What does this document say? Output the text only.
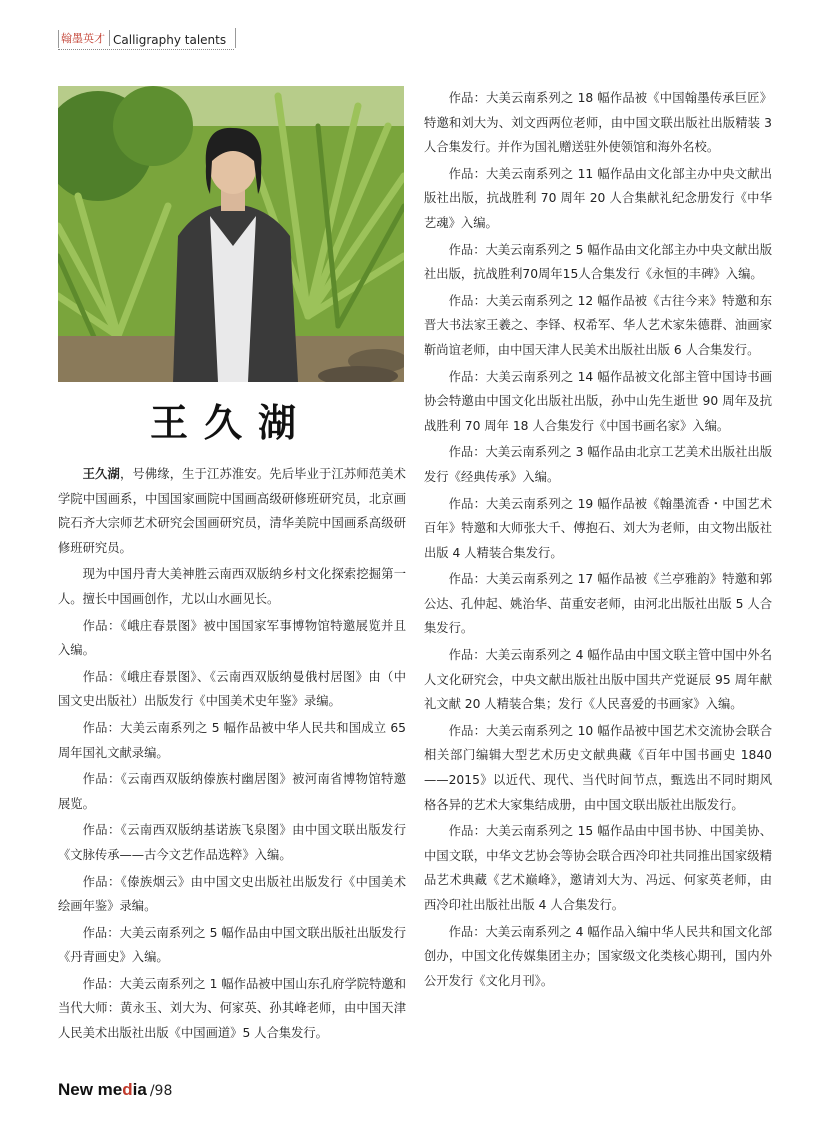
翰墨英才 Calligraphy talents
王久湖

王久湖，号佛缘，生于江苏淮安。先后毕业于江苏师范美术学院中国画系，中国国家画院中国画高级研修班研究员，北京画院石齐大宗师艺术研究会国画研究员，清华美院中国画系高级研修班研究员。

现为中国丹青大美神胜云南西双版纳乡村文化探索挖掘第一人。擅长中国画创作，尤以山水画见长。

作品：《峨庄春景图》被中国国家军事博物馆特邀展览并且入编。

作品：《峨庄春景图》、《云南西双版纳曼俄村居图》由（中国文史出版社）出版发行《中国美术史年鉴》录编。

作品：大美云南系列之 5 幅作品被中华人民共和国成立 65 周年国礼文献录编。

作品：《云南西双版纳傣族村幽居图》被河南省博物馆特邀展览。

作品：《云南西双版纳基诺族飞泉图》由中国文联出版发行《文脉传承——古今文艺作品选粹》入编。

作品：《傣族烟云》由中国文史出版社出版发行《中国美术绘画年鉴》录编。

作品：大美云南系列之 5 幅作品由中国文联出版社出版发行《丹青画史》入编。

作品：大美云南系列之 1 幅作品被中国山东孔府学院特邀和当代大师：黄永玉、刘大为、何家英、孙其峰老师，由中国天津人民美术出版社出版《中国画道》5 人合集发行。

作品：大美云南系列之 18 幅作品被《中国翰墨传承巨匠》特邀和刘大为、刘文西两位老师，由中国文联出版社出版精装 3 人合集发行。并作为国礼赠送驻外使领馆和海外名校。

作品：大美云南系列之 11 幅作品由文化部主办中央文献出版社出版，抗战胜利 70 周年 20 人合集献礼纪念册发行《中华艺魂》入编。

作品：大美云南系列之 5 幅作品由文化部主办中央文献出版社出版，抗战胜利70周年15人合集发行《永恒的丰碑》入编。

作品：大美云南系列之 12 幅作品被《古往今来》特邀和东晋大书法家王羲之、李铎、权希军、华人艺术家朱德群、油画家靳尚谊老师，由中国天津人民美术出版社出版 6 人合集发行。

作品：大美云南系列之 14 幅作品被文化部主管中国诗书画协会特邀由中国文化出版社出版，孙中山先生逝世 90 周年及抗战胜利 70 周年 18 人合集发行《中国书画名家》入编。

作品：大美云南系列之 3 幅作品由北京工艺美术出版社出版发行《经典传承》入编。

作品：大美云南系列之 19 幅作品被《翰墨流香・中国艺术百年》特邀和大师张大千、傅抱石、刘大为老师，由文物出版社出版 4 人精装合集发行。

作品：大美云南系列之 17 幅作品被《兰亭雅韵》特邀和郭公达、孔仲起、姚治华、苗重安老师，由河北出版社出版 5 人合集发行。

作品：大美云南系列之 4 幅作品由中国文联主管中国中外名人文化研究会，中央文献出版社出版中国共产党诞辰 95 周年献礼文献 20 人精装合集；发行《人民喜爱的书画家》入编。

作品：大美云南系列之 10 幅作品被中国艺术交流协会联合相关部门编辑大型艺术历史文献典藏《百年中国书画史 1840——2015》以近代、现代、当代时间节点，甄选出不同时期风格各异的艺术大家集结成册，由中国文联出版社出版发行。

作品：大美云南系列之 15 幅作品由中国书协、中国美协、中国文联，中华文艺协会等协会联合西冷印社共同推出国家级精品艺术典藏《艺术巅峰》，邀请刘大为、冯远、何家英老师，由西冷印社出版社出版 4 人合集发行。

作品：大美云南系列之 4 幅作品入编中华人民共和国文化部创办，中国文化传媒集团主办；国家级文化类核心期刊，国内外公开发行《文化月刊》。

New media /98
